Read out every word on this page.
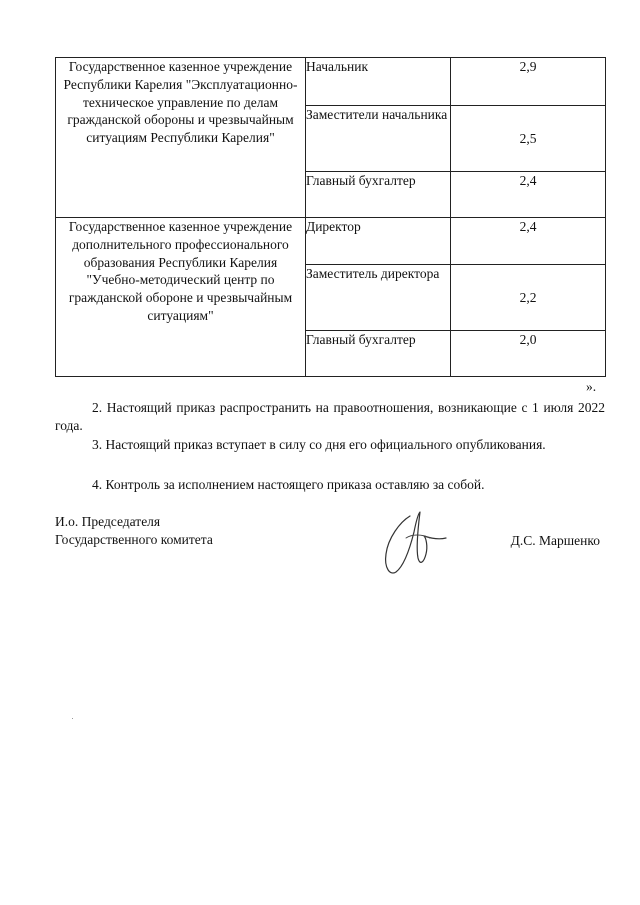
Государственное казенное учреждение Республики Карелия "Эксплуатационно-техническое управление по делам гражданской обороны и чрезвычайным ситуациям Республики Карелия"	Начальник	2,9
	Заместители начальника	2,5
	Главный бухгалтер	2,4
Государственное казенное учреждение дополнительного профессионального образования Республики Карелия "Учебно-методический центр по гражданской обороне и чрезвычайным ситуациям"	Директор	2,4
	Заместитель директора	2,2
	Главный бухгалтер	2,0
».

2. Настоящий приказ распространить на правоотношения, возникающие с 1 июля 2022 года.

3. Настоящий приказ вступает в силу со дня его официального опубликования.

4. Контроль за исполнением настоящего приказа оставляю за собой.

И.о. Председателя
Государственного комитета	Д.С. Маршенко
